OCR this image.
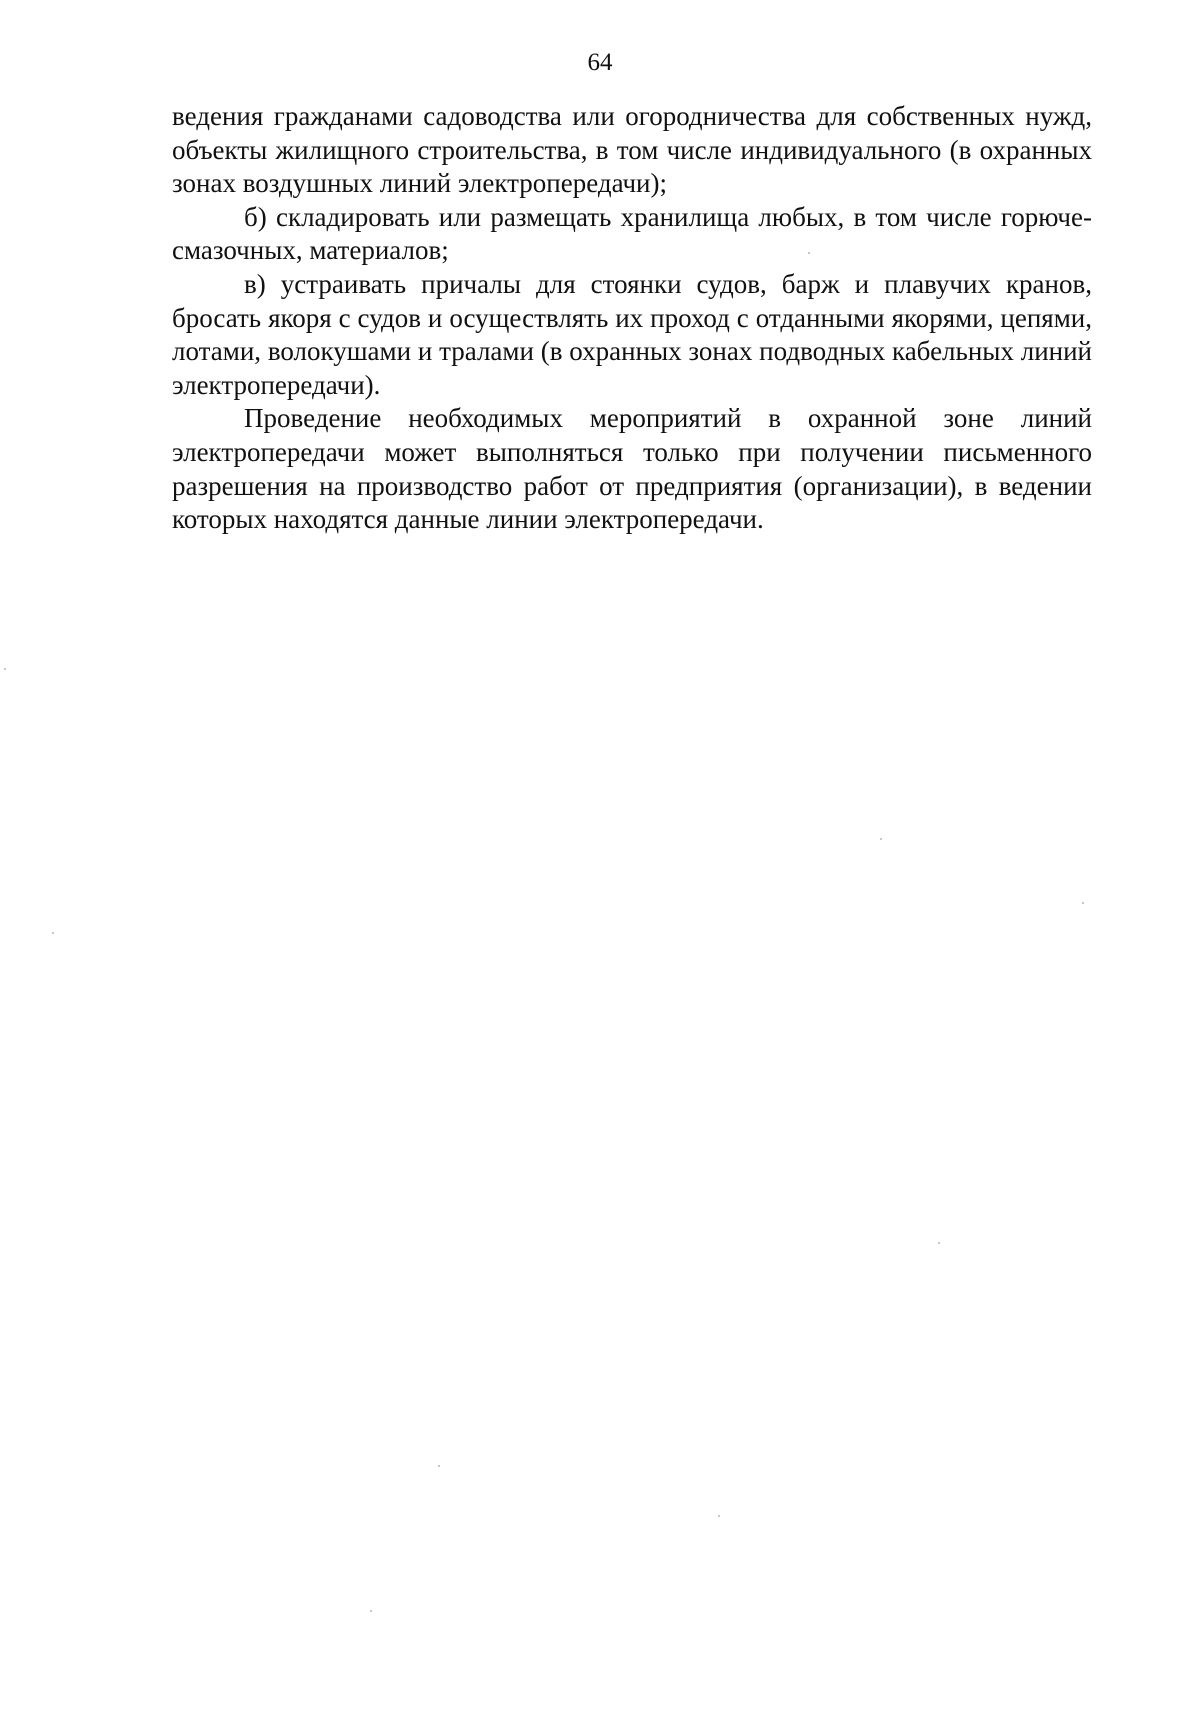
64

ведения гражданами садоводства или огородничества для собственных нужд, объекты жилищного строительства, в том числе индивидуального (в охранных зонах воздушных линий электропередачи);

б) складировать или размещать хранилища любых, в том числе горюче-смазочных, материалов;

в) устраивать причалы для стоянки судов, барж и плавучих кранов, бросать якоря с судов и осуществлять их проход с отданными якорями, цепями, лотами, волокушами и тралами (в охранных зонах подводных кабельных линий электропередачи).

Проведение необходимых мероприятий в охранной зоне линий электропередачи может выполняться только при получении письменного разрешения на производство работ от предприятия (организации), в ведении которых находятся данные линии электропередачи.
